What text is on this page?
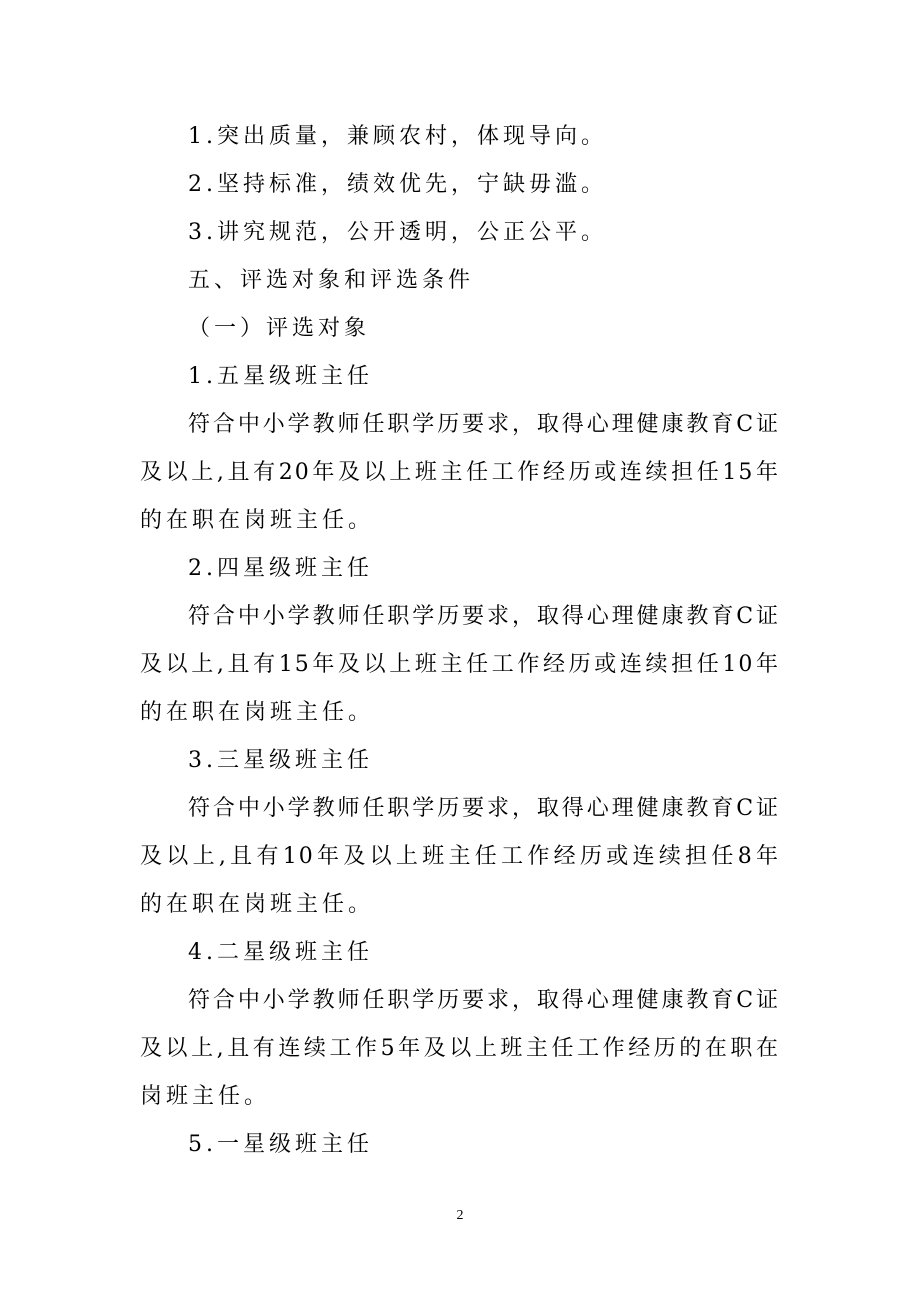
1.突出质量，兼顾农村，体现导向。
2.坚持标准，绩效优先，宁缺毋滥。
3.讲究规范，公开透明，公正公平。
五、评选对象和评选条件
（一）评选对象
1.五星级班主任
符合中小学教师任职学历要求，取得心理健康教育C证
及以上,且有20年及以上班主任工作经历或连续担任15年
的在职在岗班主任。
2.四星级班主任
符合中小学教师任职学历要求，取得心理健康教育C证
及以上,且有15年及以上班主任工作经历或连续担任10年
的在职在岗班主任。
3.三星级班主任
符合中小学教师任职学历要求，取得心理健康教育C证
及以上,且有10年及以上班主任工作经历或连续担任8年
的在职在岗班主任。
4.二星级班主任
符合中小学教师任职学历要求，取得心理健康教育C证
及以上,且有连续工作5年及以上班主任工作经历的在职在
岗班主任。
5.一星级班主任
2
